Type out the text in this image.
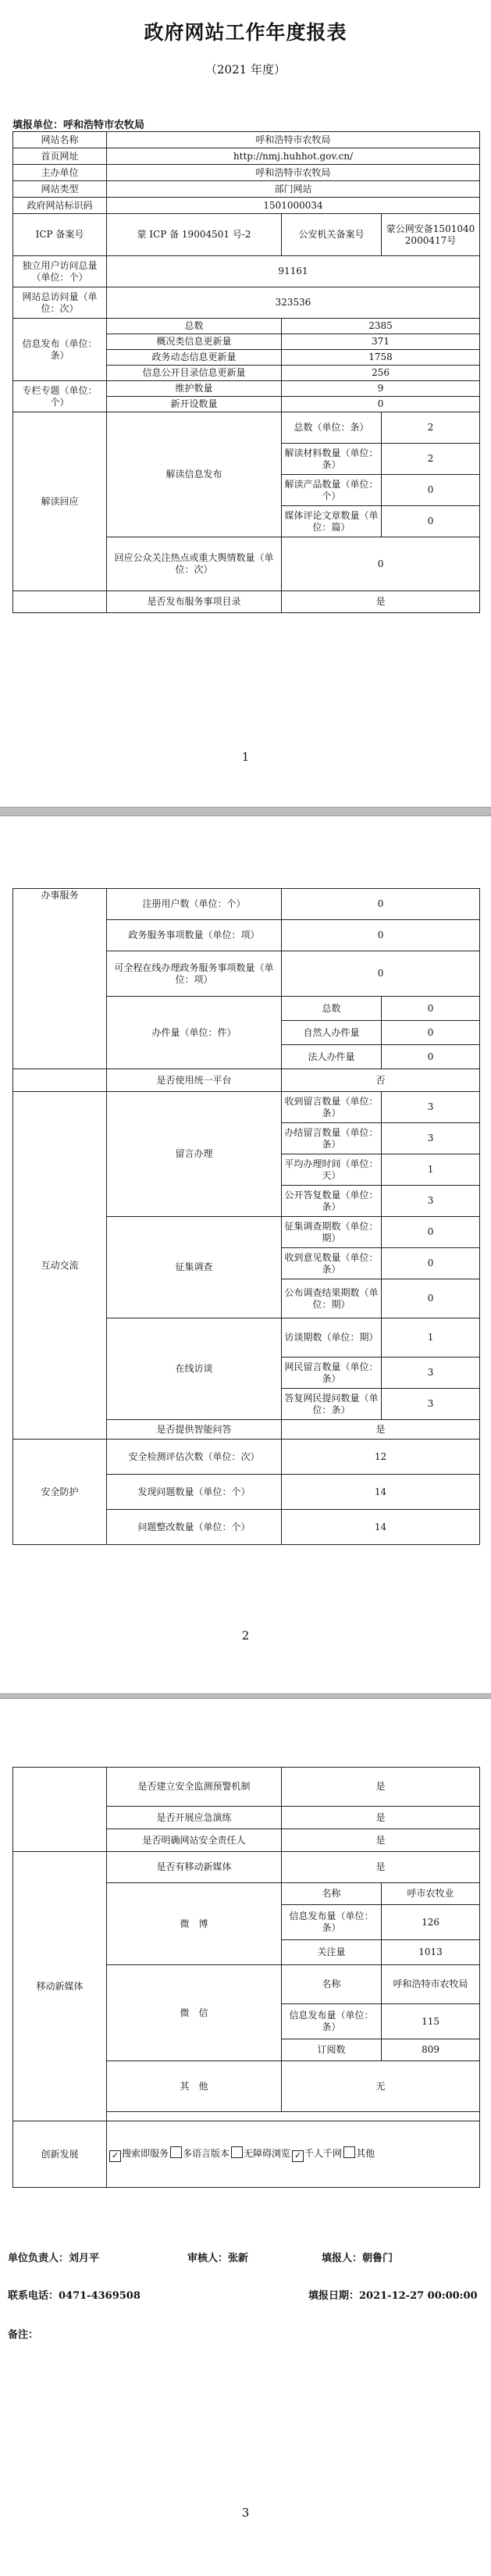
政府网站工作年度报表
（2021 年度）
填报单位：呼和浩特市农牧局
网站名称	呼和浩特市农牧局		
首页网址	http://nmj.huhhot.gov.cn/		
主办单位	呼和浩特市农牧局		
网站类型	部门网站		
政府网站标识码	1501000034		
ICP 备案号	蒙 ICP 备 19004501 号-2	公安机关备案号	蒙公网安备15010402000417号
独立用户访问总量（单位：个）	91161		
网站总访问量（单位：次）	323536		
信息发布（单位：条）	总数	2385	
	概况类信息更新量	371	
	政务动态信息更新量	1758	
	信息公开目录信息更新量	256	
专栏专题（单位：个）	维护数量	9	
	新开设数量	0	
解读回应	解读信息发布	总数（单位：条）	2
		解读材料数量（单位：条）	2
		解读产品数量（单位：个）	0
		媒体评论文章数量（单位：篇）	0
	回应公众关注热点或重大舆情数量（单位：次）	0	
	是否发布服务事项目录	是	
1
办事服务	注册用户数（单位：个）	0	
	政务服务事项数量（单位：项）	0	
	可全程在线办理政务服务事项数量（单位：项）	0	
	办件量（单位：件）	总数	0
		自然人办件量	0
		法人办件量	0
	是否使用统一平台	否	
互动交流	留言办理	收到留言数量（单位：条）	3
		办结留言数量（单位：条）	3
		平均办理时间（单位：天）	1
		公开答复数量（单位：条）	3
	征集调查	征集调查期数（单位：期）	0
		收到意见数量（单位：条）	0
		公布调查结果期数（单位：期）	0
	在线访谈	访谈期数（单位：期）	1
		网民留言数量（单位：条）	3
		答复网民提问数量（单位：条）	3
	是否提供智能问答	是	
安全防护	安全检测评估次数（单位：次）	12	
	发现问题数量（单位：个）	14	
	问题整改数量（单位：个）	14	
2
	是否建立安全监测预警机制	是	
	是否开展应急演练	是	
	是否明确网站安全责任人	是	
移动新媒体	是否有移动新媒体	是	
	微　博	名称	呼市农牧业
		信息发布量（单位：条）	126
		关注量	1013
	微　信	名称	呼和浩特市农牧局
		信息发布量（单位：条）	115
		订阅数	809
	其　他	无	

创新发展	✓ 搜索即服务 多语言版本 无障碍浏览 ✓ 千人千网 其他		
单位负责人：刘月平	审核人：张新	填报人：朝鲁门
联系电话：0471-4369508	填报日期：2021-12-27 00:00:00
备注：
3
